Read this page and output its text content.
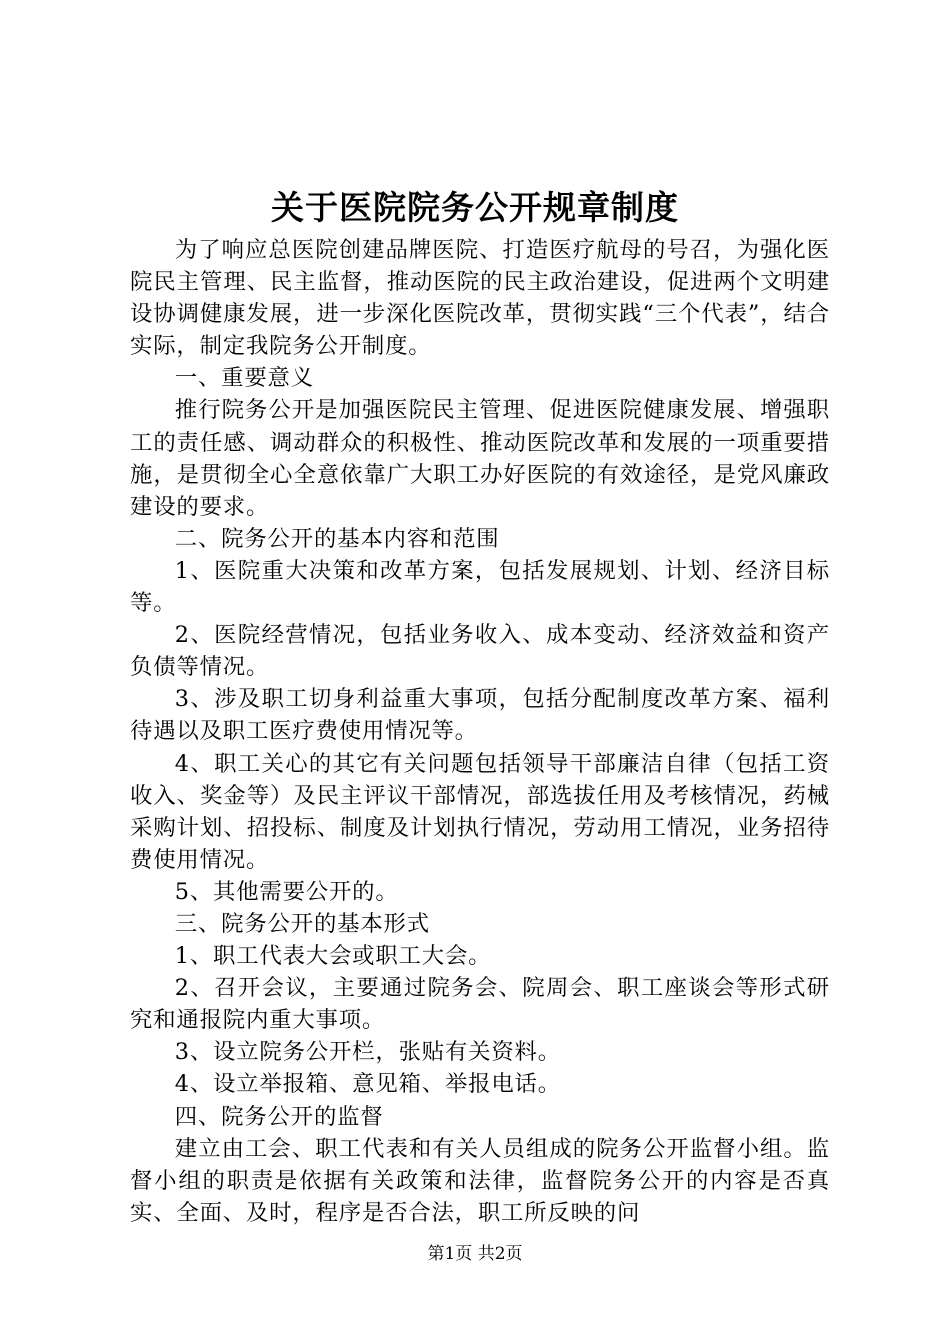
关于医院院务公开规章制度

为了响应总医院创建品牌医院、打造医疗航母的号召，为强化医院民主管理、民主监督，推动医院的民主政治建设，促进两个文明建设协调健康发展，进一步深化医院改革，贯彻实践“三个代表”，结合实际，制定我院务公开制度。

一、重要意义

推行院务公开是加强医院民主管理、促进医院健康发展、增强职工的责任感、调动群众的积极性、推动医院改革和发展的一项重要措施，是贯彻全心全意依靠广大职工办好医院的有效途径，是党风廉政建设的要求。

二、院务公开的基本内容和范围

1、医院重大决策和改革方案，包括发展规划、计划、经济目标等。

2、医院经营情况，包括业务收入、成本变动、经济效益和资产负债等情况。

3、涉及职工切身利益重大事项，包括分配制度改革方案、福利待遇以及职工医疗费使用情况等。

4、职工关心的其它有关问题包括领导干部廉洁自律（包括工资收入、奖金等）及民主评议干部情况，部选拔任用及考核情况，药械采购计划、招投标、制度及计划执行情况，劳动用工情况，业务招待费使用情况。

5、其他需要公开的。

三、院务公开的基本形式

1、职工代表大会或职工大会。

2、召开会议，主要通过院务会、院周会、职工座谈会等形式研究和通报院内重大事项。

3、设立院务公开栏，张贴有关资料。

4、设立举报箱、意见箱、举报电话。

四、院务公开的监督

建立由工会、职工代表和有关人员组成的院务公开监督小组。监督小组的职责是依据有关政策和法律，监督院务公开的内容是否真实、全面、及时，程序是否合法，职工所反映的问

第1页 共2页
